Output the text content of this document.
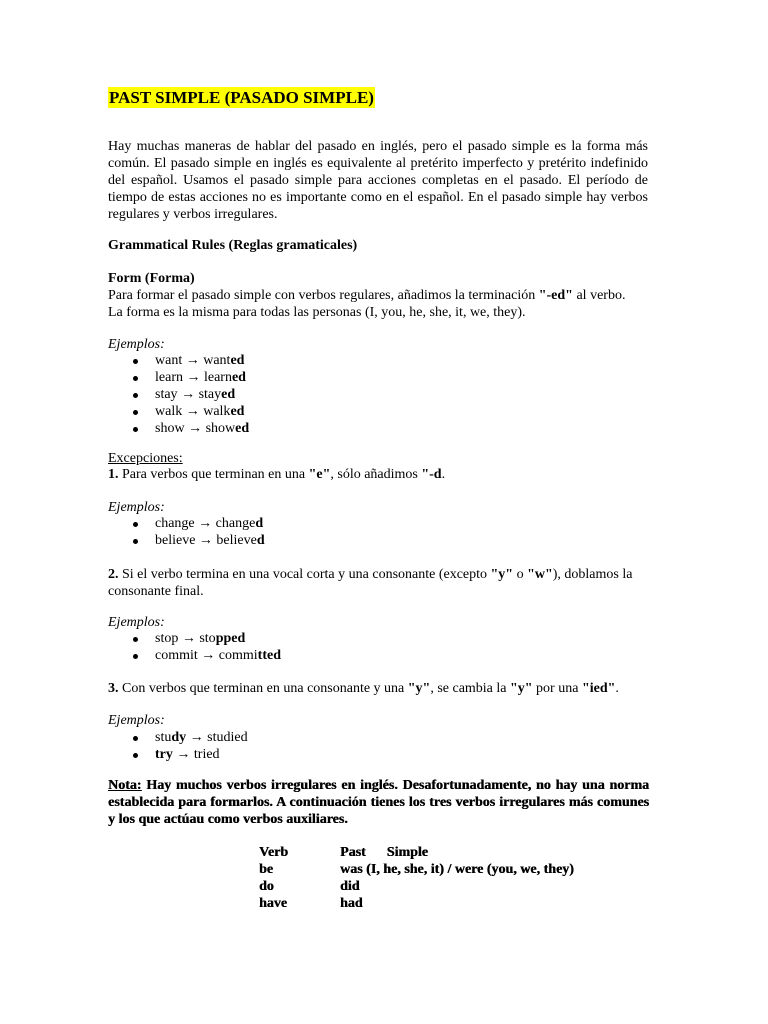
PAST SIMPLE (PASADO SIMPLE)
Hay muchas maneras de hablar del pasado en inglés, pero el pasado simple es la forma más común. El pasado simple en inglés es equivalente al pretérito imperfecto y pretérito indefinido del español. Usamos el pasado simple para acciones completas en el pasado. El período de tiempo de estas acciones no es importante como en el español. En el pasado simple hay verbos regulares y verbos irregulares.
Grammatical Rules (Reglas gramaticales)
Form (Forma)
Para formar el pasado simple con verbos regulares, añadimos la terminación "-ed" al verbo.
La forma es la misma para todas las personas (I, you, he, she, it, we, they).
Ejemplos:
want → wanted
learn → learned
stay → stayed
walk → walked
show → showed
Excepciones:
1. Para verbos que terminan en una "e", sólo añadimos "-d.
Ejemplos:
change → changed
believe → believed
2. Si el verbo termina en una vocal corta y una consonante (excepto "y" o "w"), doblamos la
consonante final.
Ejemplos:
stop → stopped
commit → committed
3. Con verbos que terminan en una consonante y una "y", se cambia la "y" por una "ied".
Ejemplos:
study → studied
try → tried
Nota: Hay muchos verbos irregulares en inglés. Desafortunadamente, no hay una norma establecida para formarlos. A continuación tienes los tres verbos irregulares más comunes y los que actúau como verbos auxiliares.
Verb	Past Simple
be	was (I, he, she, it) / were (you, we, they)
do	did
have	had
